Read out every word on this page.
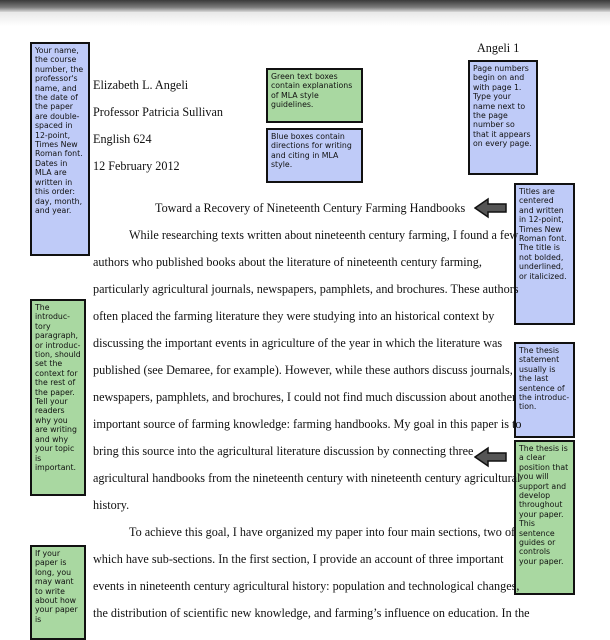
Your name, the course number, the professor's name, and the date of the paper are double-spaced in 12-point, Times New Roman font. Dates in MLA are written in this order: day, month, and year.
Green text boxes contain explanations of MLA style guidelines.
Blue boxes contain directions for writing and citing in MLA style.
Page numbers begin on and with page 1. Type your name next to the page number so that it appears on every page.
Titles are centered and written in 12-point, Times New Roman font. The title is not bolded, underlined, or italicized.
The introduc-tory paragraph, or introduc-tion, should set the context for the rest of the paper. Tell your readers why you are writing and why your topic is important.
The thesis statement usually is the last sentence of the introduc-tion.
The thesis is a clear position that you will support and develop throughout your paper. This sentence guides or controls your paper.
If your paper is long, you may want to write about how your paper is
Angeli 1
Elizabeth L. Angeli
Professor Patricia Sullivan
English 624
12 February 2012
Toward a Recovery of Nineteenth Century Farming Handbooks
While researching texts written about nineteenth century farming, I found a few
authors who published books about the literature of nineteenth century farming,
particularly agricultural journals, newspapers, pamphlets, and brochures. These authors
often placed the farming literature they were studying into an historical context by
discussing the important events in agriculture of the year in which the literature was
published (see Demaree, for example). However, while these authors discuss journals,
newspapers, pamphlets, and brochures, I could not find much discussion about another
important source of farming knowledge: farming handbooks. My goal in this paper is to
bring this source into the agricultural literature discussion by connecting three
agricultural handbooks from the nineteenth century with nineteenth century agricultural
history.
To achieve this goal, I have organized my paper into four main sections, two of
which have sub-sections. In the first section, I provide an account of three important
events in nineteenth century agricultural history: population and technological changes,
the distribution of scientific new knowledge, and farming’s influence on education. In the
